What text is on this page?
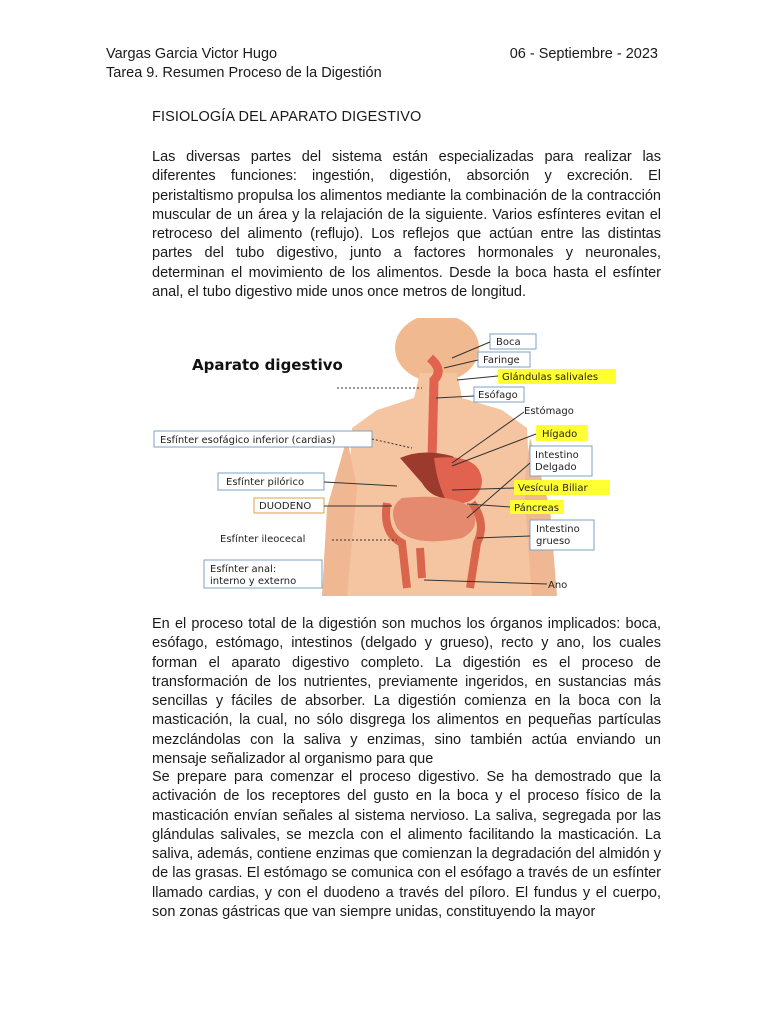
Vargas Garcia Victor Hugo
Tarea 9. Resumen Proceso de la Digestión
06 - Septiembre - 2023
FISIOLOGÍA DEL APARATO DIGESTIVO
Las diversas partes del sistema están especializadas para realizar las diferentes funciones: ingestión, digestión, absorción y excreción. El peristaltismo propulsa los alimentos mediante la combinación de la contracción muscular de un área y la relajación de la siguiente. Varios esfínteres evitan el retroceso del alimento (reflujo). Los reflejos que actúan entre las distintas partes del tubo digestivo, junto a factores hormonales y neuronales, determinan el movimiento de los alimentos. Desde la boca hasta el esfínter anal, el tubo digestivo mide unos once metros de longitud.
Aparato digestivo
Esfínter esofágico inferior (cardias)
Esfínter pilórico
DUODENO
Esfínter ileocecal
Esfínter anal:
interno y externo
Boca
Faringe
Glándulas salivales
Esófago
Estómago
Hígado
Intestino
Delgado
Vesícula Biliar
Páncreas
Intestino
grueso
Ano
En el proceso total de la digestión son muchos los órganos implicados: boca, esófago, estómago, intestinos (delgado y grueso), recto y ano, los cuales forman el aparato digestivo completo. La digestión es el proceso de transformación de los nutrientes, previamente ingeridos, en sustancias más sencillas y fáciles de absorber. La digestión comienza en la boca con la masticación, la cual, no sólo disgrega los alimentos en pequeñas partículas mezclándolas con la saliva y enzimas, sino también actúa enviando un mensaje señalizador al organismo para que
Se prepare para comenzar el proceso digestivo. Se ha demostrado que la activación de los receptores del gusto en la boca y el proceso físico de la masticación envían señales al sistema nervioso. La saliva, segregada por las glándulas salivales, se mezcla con el alimento facilitando la masticación. La saliva, además, contiene enzimas que comienzan la degradación del almidón y de las grasas. El estómago se comunica con el esófago a través de un esfínter llamado cardias, y con el duodeno a través del píloro. El fundus y el cuerpo, son zonas gástricas que van siempre unidas, constituyendo la mayor
